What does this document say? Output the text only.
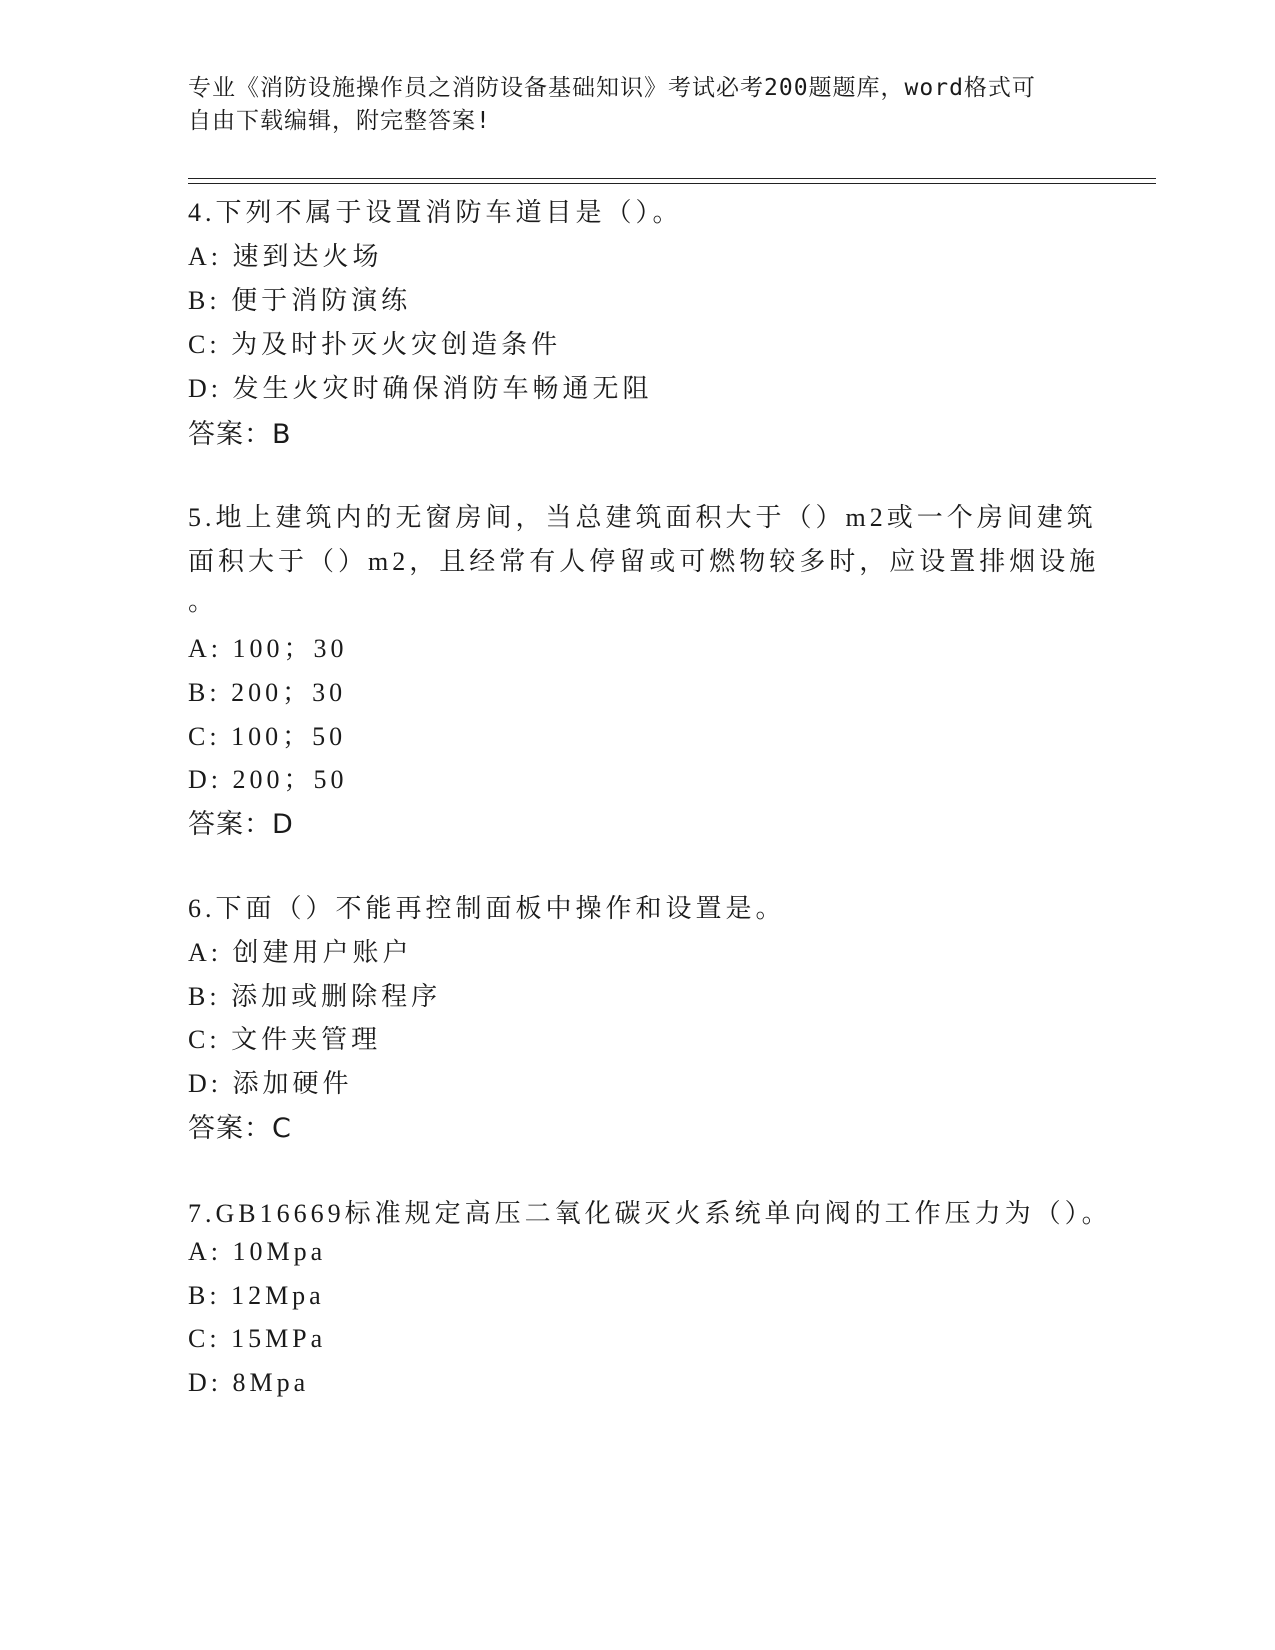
专业《消防设施操作员之消防设备基础知识》考试必考200题题库，word格式可
自由下载编辑，附完整答案!
4.下列不属于设置消防车道目是（）。
A: 速到达火场
B: 便于消防演练
C: 为及时扑灭火灾创造条件
D: 发生火灾时确保消防车畅通无阻
答案：B
5.地上建筑内的无窗房间，当总建筑面积大于（）m2或一个房间建筑
面积大于（）m2，且经常有人停留或可燃物较多时，应设置排烟设施
。
A: 100；30
B: 200；30
C: 100；50
D: 200；50
答案：D
6.下面（）不能再控制面板中操作和设置是。
A: 创建用户账户
B: 添加或删除程序
C: 文件夹管理
D: 添加硬件
答案：C
7.GB16669标准规定高压二氧化碳灭火系统单向阀的工作压力为（）。
A: 10Mpa
B: 12Mpa
C: 15MPa
D: 8Mpa
